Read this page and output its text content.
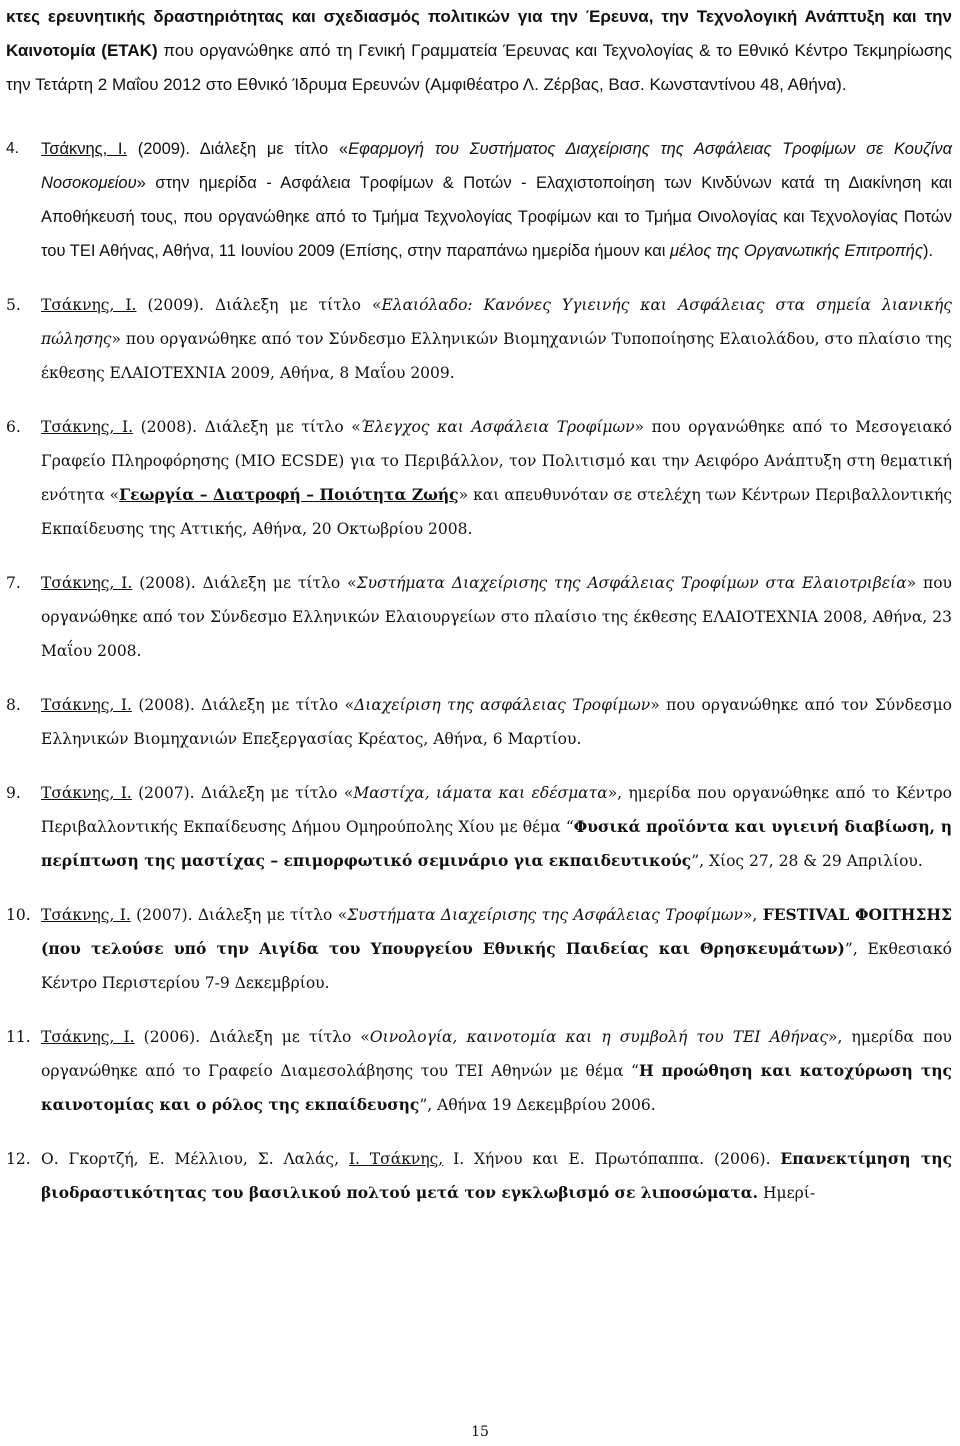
κτες ερευνητικής δραστηριότητας και σχεδιασμός πολιτικών για την Έρευνα, την Τεχνολογική Ανάπτυξη και την Καινοτομία (ΕΤΑΚ) που οργανώθηκε από τη Γενική Γραμματεία Έρευνας και Τεχνολογίας & το Εθνικό Κέντρο Τεκμηρίωσης την Τετάρτη 2 Μαΐου 2012 στο Εθνικό Ίδρυμα Ερευνών (Αμφιθέατρο Λ. Ζέρβας, Βασ. Κωνσταντίνου 48, Αθήνα).

4.	Τσάκνης, Ι. (2009). Διάλεξη με τίτλο «Εφαρμογή του Συστήματος Διαχείρισης της Ασφάλειας Τροφίμων σε Κουζίνα Νοσοκομείου» στην ημερίδα - Ασφάλεια Τροφίμων & Ποτών - Ελαχιστοποίηση των Κινδύνων κατά τη Διακίνηση και Αποθήκευσή τους, που οργανώθηκε από το Τμήμα Τεχνολογίας Τροφίμων και το Τμήμα Οινολογίας και Τεχνολογίας Ποτών του ΤΕΙ Αθήνας, Αθήνα, 11 Ιουνίου 2009 (Επίσης, στην παραπάνω ημερίδα ήμουν και μέλος της Οργανωτικής Επιτροπής).
5.	Τσάκνης, Ι. (2009). Διάλεξη με τίτλο «Ελαιόλαδο: Κανόνες Υγιεινής και Ασφάλειας στα σημεία λιανικής πώλησης» που οργανώθηκε από τον Σύνδεσμο Ελληνικών Βιομηχανιών Τυποποίησης Ελαιολάδου, στο πλαίσιο της έκθεσης ΕΛΑΙΟΤΕΧΝΙΑ 2009, Αθήνα, 8 Μαΐου 2009.
6.	Τσάκνης, Ι. (2008). Διάλεξη με τίτλο «Έλεγχος και Ασφάλεια Τροφίμων» που οργανώθηκε από το Μεσογειακό Γραφείο Πληροφόρησης (MIO ECSDE) για το Περιβάλλον, τον Πολιτισμό και την Αειφόρο Ανάπτυξη στη θεματική ενότητα «Γεωργία – Διατροφή – Ποιότητα Ζωής» και απευθυνόταν σε στελέχη των Κέντρων Περιβαλλοντικής Εκπαίδευσης της Αττικής, Αθήνα, 20 Οκτωβρίου 2008.
7.	Τσάκνης, Ι. (2008). Διάλεξη με τίτλο «Συστήματα Διαχείρισης της Ασφάλειας Τροφίμων στα Ελαιοτριβεία» που οργανώθηκε από τον Σύνδεσμο Ελληνικών Ελαιουργείων στο πλαίσιο της έκθεσης ΕΛΑΙΟΤΕΧΝΙΑ 2008, Αθήνα, 23 Μαΐου 2008.
8.	Τσάκνης, Ι. (2008). Διάλεξη με τίτλο «Διαχείριση της ασφάλειας Τροφίμων» που οργανώθηκε από τον Σύνδεσμο Ελληνικών Βιομηχανιών Επεξεργασίας Κρέατος, Αθήνα, 6 Μαρτίου.
9.	Τσάκνης, Ι. (2007). Διάλεξη με τίτλο «Μαστίχα, ιάματα και εδέσματα», ημερίδα που οργανώθηκε από το Κέντρο Περιβαλλοντικής Εκπαίδευσης Δήμου Ομηρούπολης Χίου με θέμα “Φυσικά προϊόντα και υγιεινή διαβίωση, η περίπτωση της μαστίχας – επιμορφωτικό σεμινάριο για εκπαιδευτικούς”, Χίος 27, 28 & 29 Απριλίου.
10. Τσάκνης, Ι. (2007). Διάλεξη με τίτλο «Συστήματα Διαχείρισης της Ασφάλειας Τροφίμων», FESTIVAL ΦΟΙΤΗΣΗΣ (που τελούσε υπό την Αιγίδα του Υπουργείου Εθνικής Παιδείας και Θρησκευμάτων)”, Εκθεσιακό Κέντρο Περιστερίου 7-9 Δεκεμβρίου.
11. Τσάκνης, Ι. (2006). Διάλεξη με τίτλο «Οινολογία, καινοτομία και η συμβολή του ΤΕΙ Αθήνας», ημερίδα που οργανώθηκε από το Γραφείο Διαμεσολάβησης του ΤΕΙ Αθηνών με θέμα “Η προώθηση και κατοχύρωση της καινοτομίας και ο ρόλος της εκπαίδευσης”, Αθήνα 19 Δεκεμβρίου 2006.
12. Ο. Γκορτζή, Ε. Μέλλιου, Σ. Λαλάς, Ι. Τσάκνης, Ι. Χήνου και Ε. Πρωτόπαππα. (2006). Επανεκτίμηση της βιοδραστικότητας του βασιλικού πολτού μετά τον εγκλωβισμό σε λιποσώματα. Ημερί-
15
